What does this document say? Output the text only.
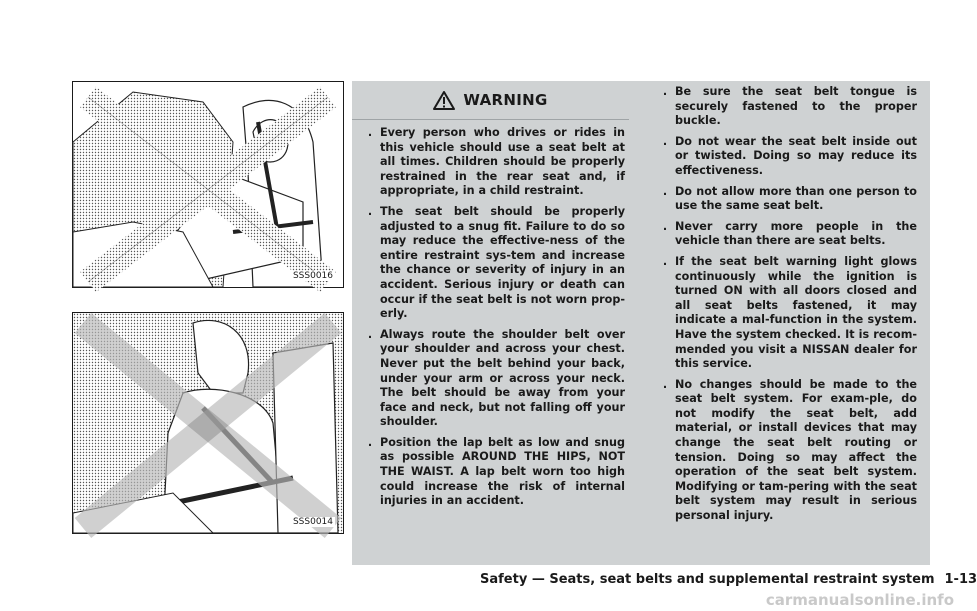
SSS0016
SSS0014
WARNING
. Every person who drives or rides in this vehicle should use a seat belt at all times. Children should be properly restrained in the rear seat and, if appropriate, in a child restraint.
. The seat belt should be properly adjusted to a snug fit. Failure to do so may reduce the effective-ness of the entire restraint sys-tem and increase the chance or severity of injury in an accident. Serious injury or death can occur if the seat belt is not worn prop-erly.
. Always route the shoulder belt over your shoulder and across your chest. Never put the belt behind your back, under your arm or across your neck. The belt should be away from your face and neck, but not falling off your shoulder.
. Position the lap belt as low and snug as possible AROUND THE HIPS, NOT THE WAIST. A lap belt worn too high could increase the risk of internal injuries in an accident.
. Be sure the seat belt tongue is securely fastened to the proper buckle.
. Do not wear the seat belt inside out or twisted. Doing so may reduce its effectiveness.
. Do not allow more than one person to use the same seat belt.
. Never carry more people in the vehicle than there are seat belts.
. If the seat belt warning light glows continuously while the ignition is turned ON with all doors closed and all seat belts fastened, it may indicate a mal-function in the system. Have the system checked. It is recom-mended you visit a NISSAN dealer for this service.
. No changes should be made to the seat belt system. For exam-ple, do not modify the seat belt, add material, or install devices that may change the seat belt routing or tension. Doing so may affect the operation of the seat belt system. Modifying or tam-pering with the seat belt system may result in serious personal injury.
Safety — Seats, seat belts and supplemental restraint system 1-13
carmanualsonline.info
